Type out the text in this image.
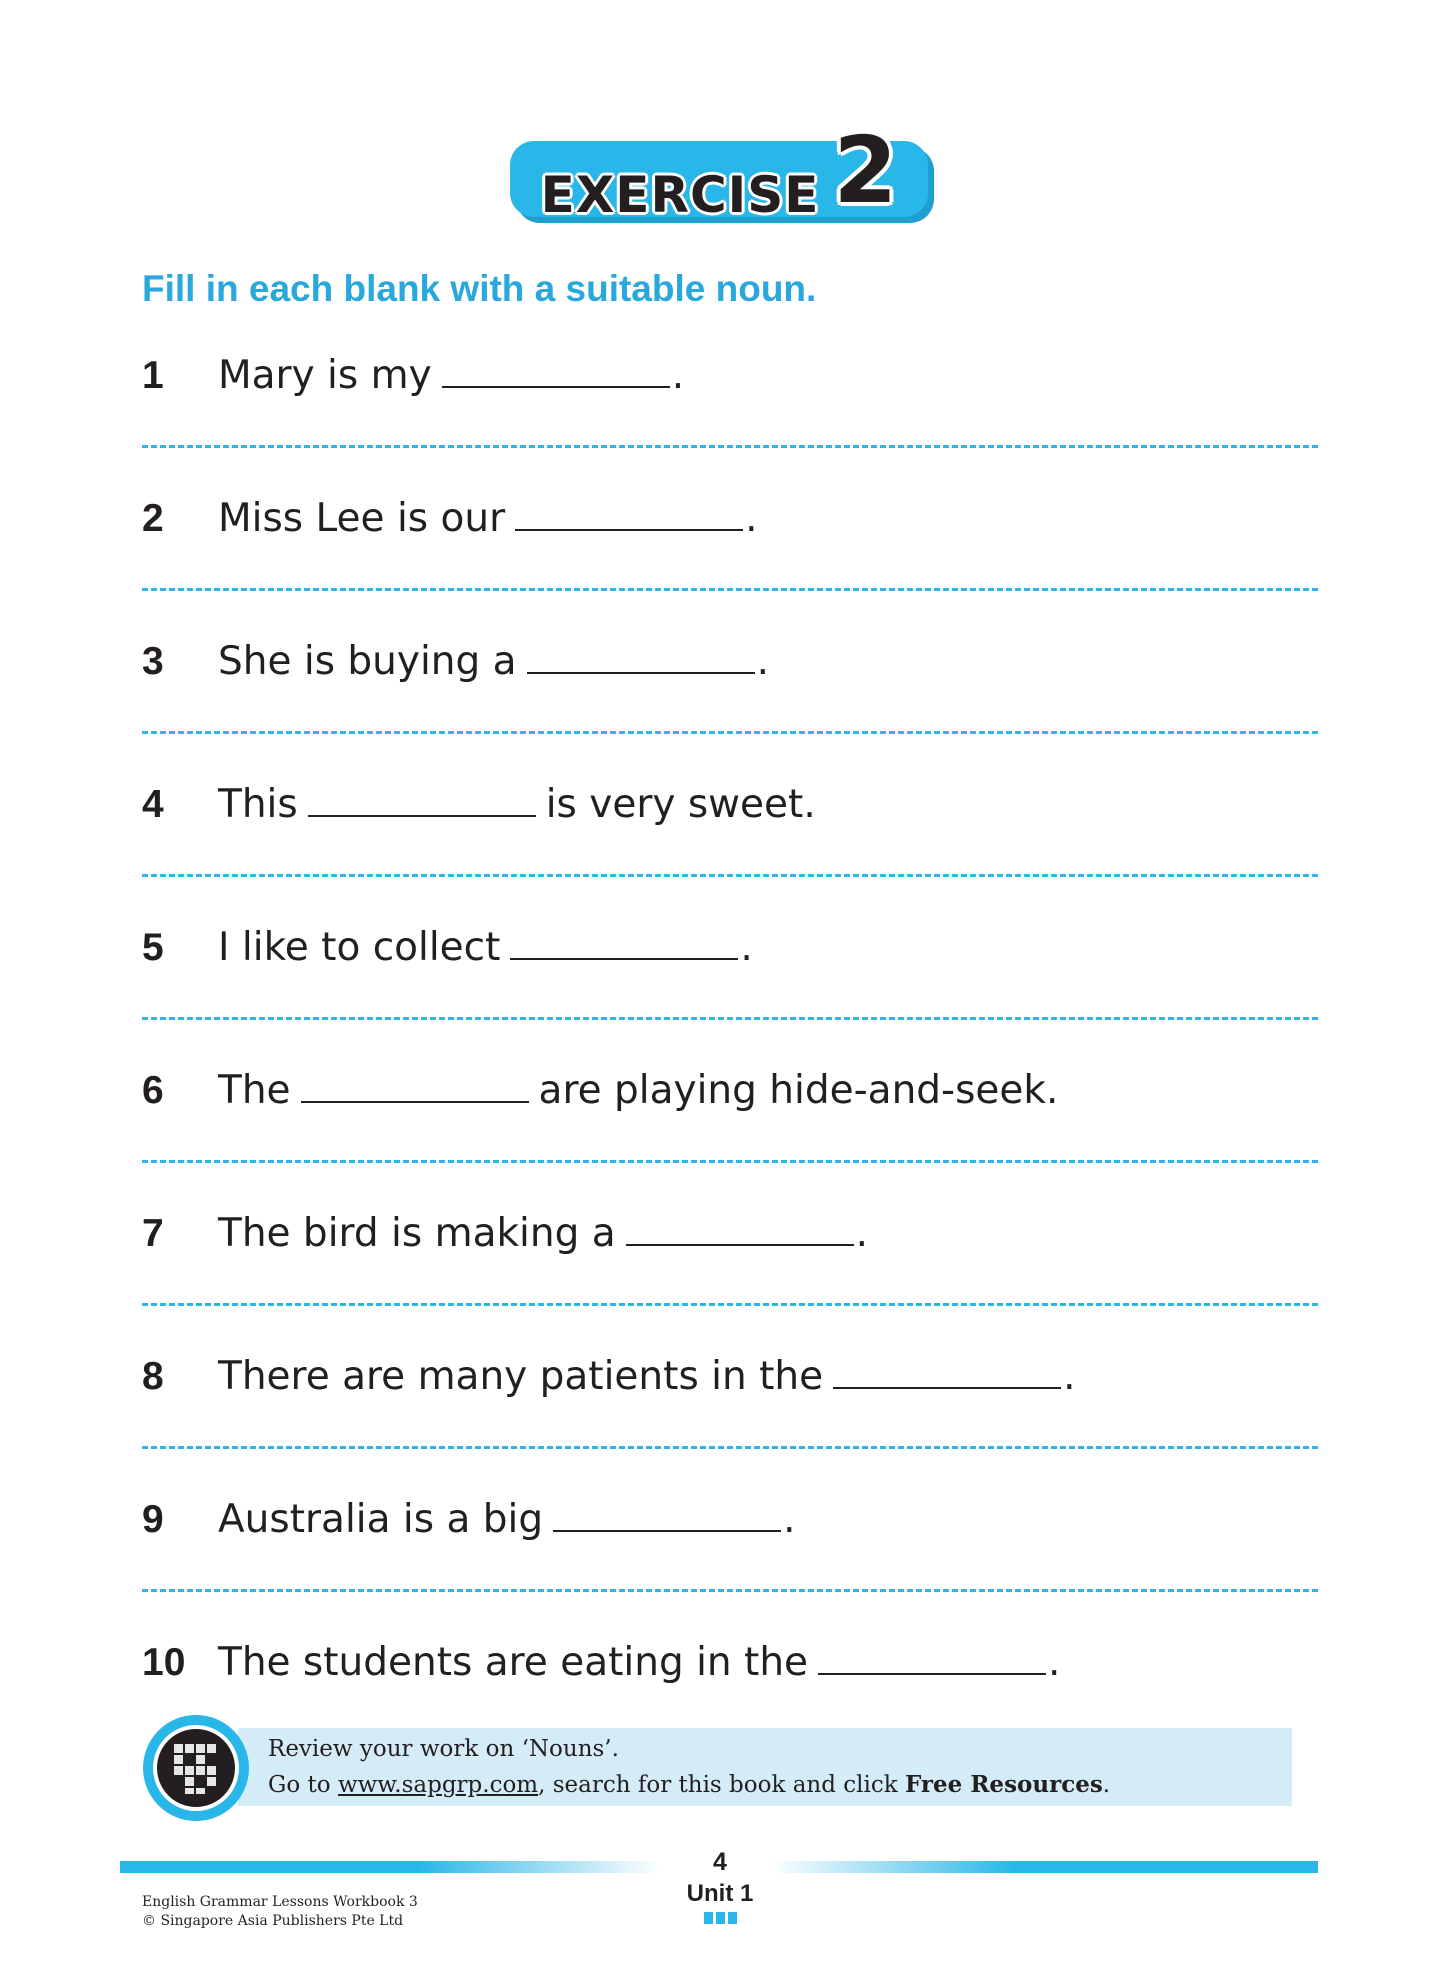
EXERCISE 2
Fill in each blank with a suitable noun.
1	Mary is my	.
2	Miss Lee is our	.
3	She is buying a	.
4	This	is very sweet.
5	I like to collect	.
6	The	are playing hide-and-seek.
7	The bird is making a	.
8	There are many patients in the	.
9	Australia is a big	.
10 The students are eating in the	.
Review your work on ‘Nouns’.
Go to www.sapgrp.com, search for this book and click Free Resources.
4
Unit 1
English Grammar Lessons Workbook 3
© Singapore Asia Publishers Pte Ltd
